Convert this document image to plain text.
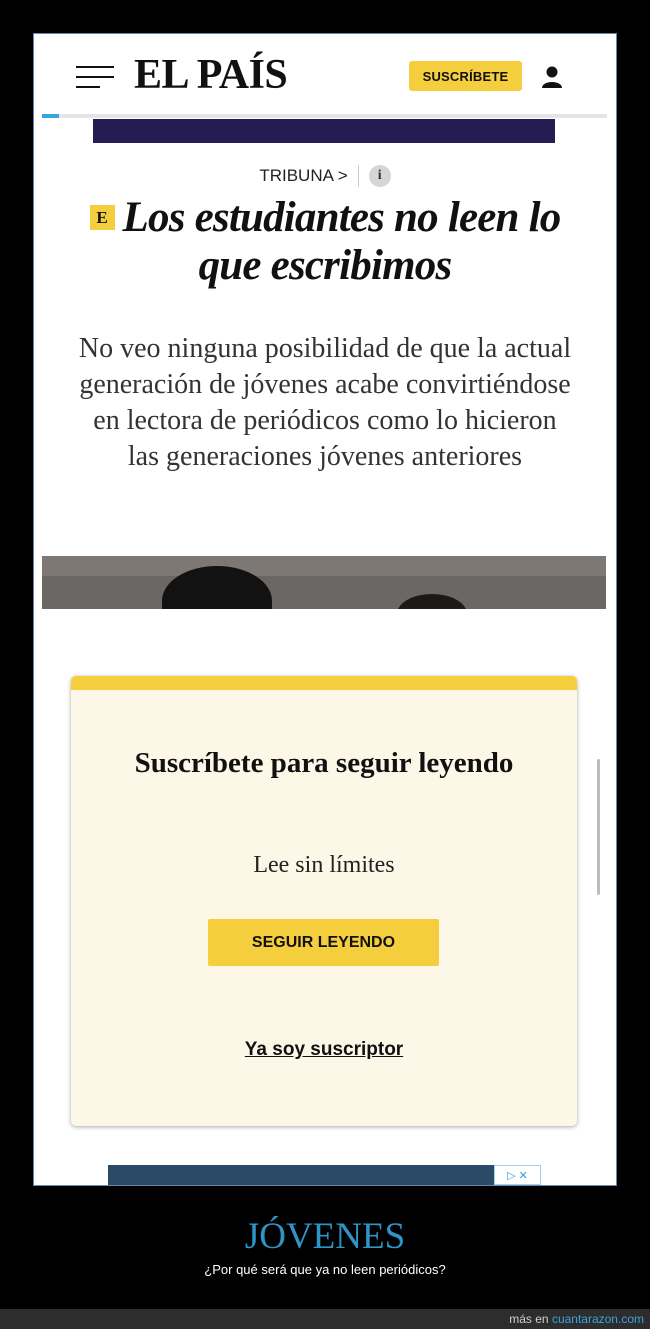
EL PAÍS	SUSCRÍBETE
TRIBUNA >	i
E Los estudiantes no leen lo que escribimos

No veo ninguna posibilidad de que la actual generación de jóvenes acabe convirtiéndose en lectora de periódicos como lo hicieron las generaciones jóvenes anteriores

Suscríbete para seguir leyendo
Lee sin límites
SEGUIR LEYENDO
Ya soy suscriptor
▷ ✕
JÓVENES
¿Por qué será que ya no leen periódicos?
más en cuantarazon.com
